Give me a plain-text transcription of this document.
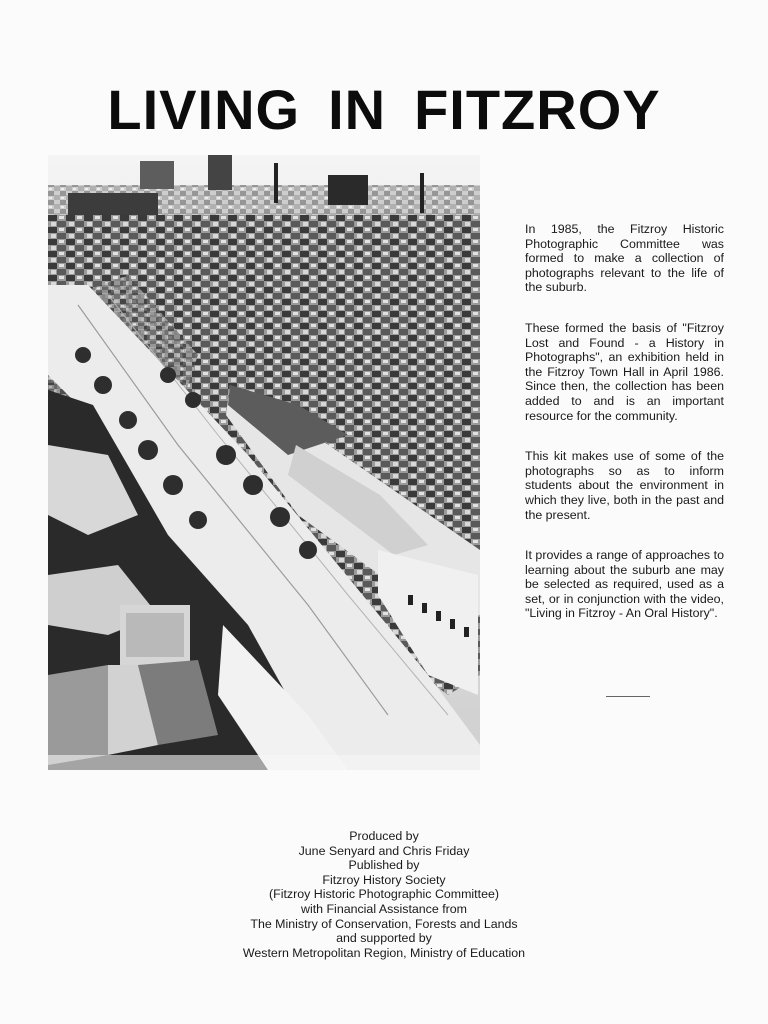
LIVING IN FITZROY

In 1985, the Fitzroy Historic Photographic Committee was formed to make a collection of photographs relevant to the life of the suburb.

These formed the basis of "Fitzroy Lost and Found - a History in Photographs", an exhibition held in the Fitzroy Town Hall in April 1986. Since then, the collection has been added to and is an important resource for the community.

This kit makes use of some of the photographs so as to inform students about the environment in which they live, both in the past and the present.

It provides a range of approaches to learning about the suburb ane may be selected as required, used as a set, or in conjunction with the video, "Living in Fitzroy - An Oral History".

Produced by
June Senyard and Chris Friday
Published by
Fitzroy History Society
(Fitzroy Historic Photographic Committee)
with Financial Assistance from
The Ministry of Conservation, Forests and Lands
and supported by
Western Metropolitan Region, Ministry of Education
